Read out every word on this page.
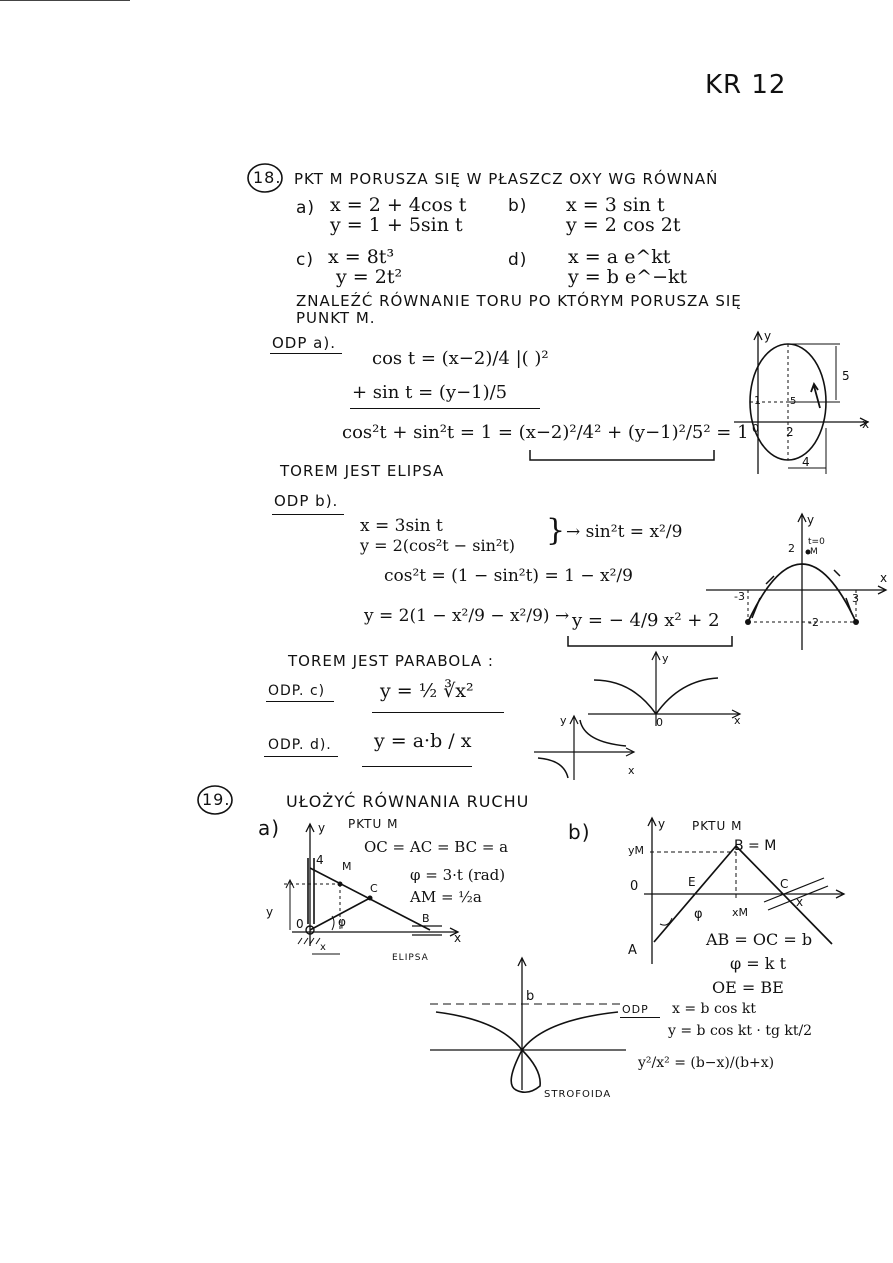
KR 12
18. PKT M PORUSZA SIĘ W PŁASZCZ OXY WG RÓWNAŃ
a) x = 2 + 4cos t
y = 1 + 5sin t
b) x = 3 sin t
y = 2 cos 2t
c) x = 8t³
y = 2t²
d) x = a e^kt
y = b e^−kt
ZNALEŹĆ RÓWNANIE TORU PO KTÓRYM PORUSZA SIĘ
PUNKT M.
ODP a).
cos t = (x−2)/4 |( )²
+ sin t = (y−1)/5
cos²t + sin²t = 1 = (x−2)²/4² + (y−1)²/5² = 1
TOREM JEST ELIPSA
y
x
1
5
0 2
5
4
ODP b).
x = 3sin t
y = 2(cos²t − sin²t) } → sin²t = x²/9
cos²t = (1 − sin²t) = 1 − x²/9
y = 2(1 − x²/9 − x²/9) → y = − 4/9 x² + 2
TOREM JEST PARABOLA :
y
x
2 t=0
M
-3	3
-2
ODP. c)	y = ½ ∛x²
y
x
0
ODP. d). y = a·b / x
y
x
19.	UŁOŻYĆ RÓWNANIA RUCHU
a)	PKTU M
OC = AC = BC = a
φ = 3·t (rad)
AM = ½a
y
x
4 M
C
φ	B
0
y
x
ELIPSA
b)	PKTU M
y
yM	B = M
0	E	C
x
φ	xM
A
AB = OC = b
φ = k t
OE = BE
ODP x = b cos kt
y = b cos kt · tg kt/2
y²/x² = (b−x)/(b+x)
b
STROFOIDA
